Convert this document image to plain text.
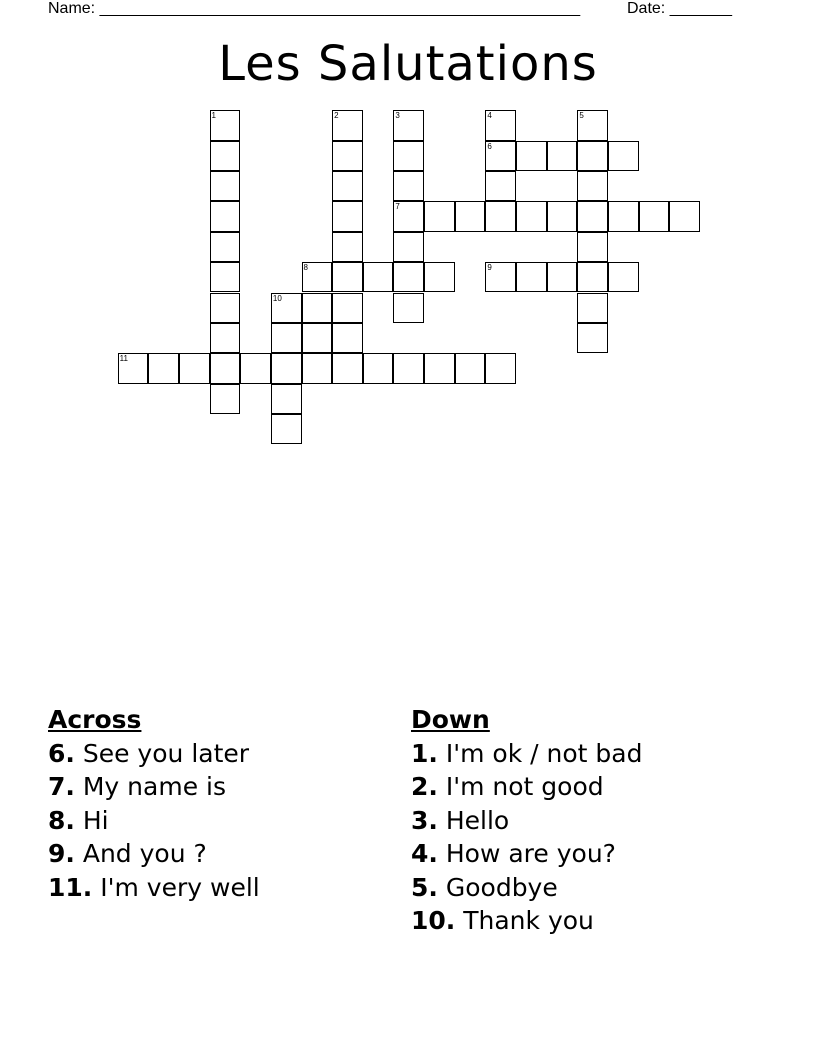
Name: ______________________________________________________	Date: _______
Les Salutations
1	2	3	4	5
6
7
8	9
10
11
Across
6. See you later
7. My name is
8. Hi
9. And you ?
11. I'm very well
Down
1. I'm ok / not bad
2. I'm not good
3. Hello
4. How are you?
5. Goodbye
10. Thank you
